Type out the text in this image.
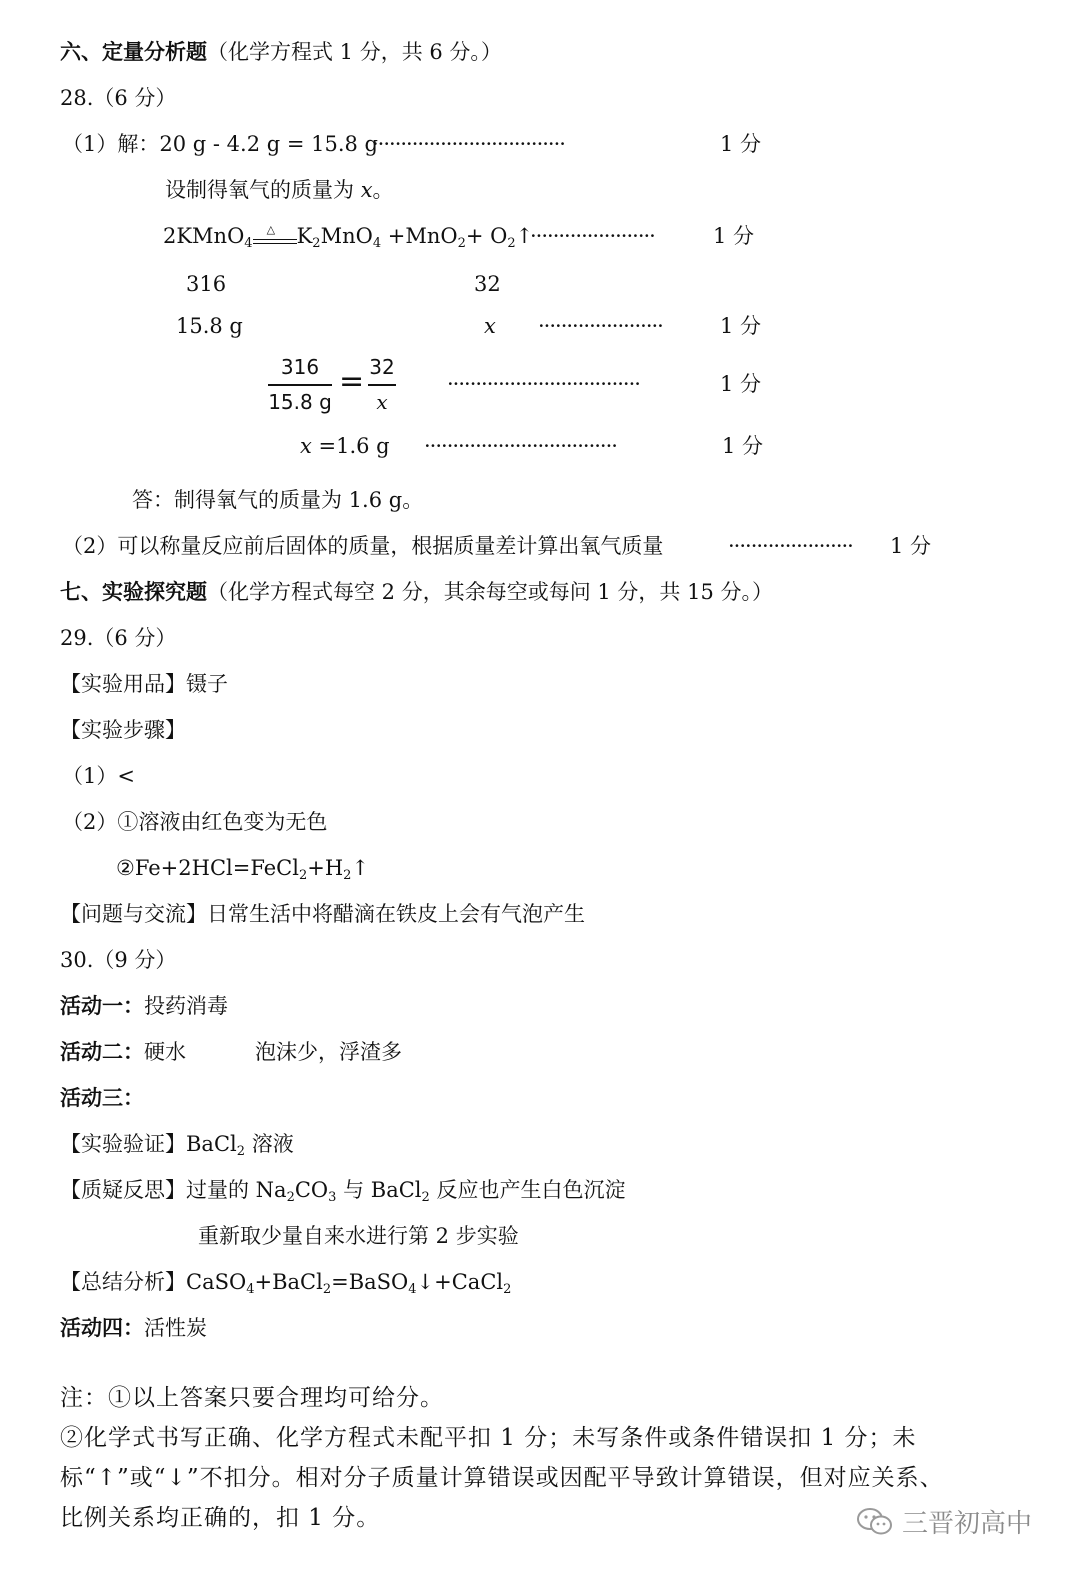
六、定量分析题（化学方程式 1 分，共 6 分。）
28.（6 分）
（1）解：20 g - 4.2 g = 15.8 g
··································	1 分
设制得氧气的质量为 x。
2KMnO$_4$
△ $K_2MnO_4 +MnO_2+$ $O_2↑$
······················	1 分
316	32
15.8 g	x ······················	1 分
316
15.8 g
= 32
x
··································	1 分
x =1.6 g ··································	1 分
答：制得氧气的质量为 1.6 g。
（2）可以称量反应前后固体的质量，根据质量差计算出氧气质量	······················ 1 分
七、实验探究题（化学方程式每空 2 分，其余每空或每问 1 分，共 15 分。）
29.（6 分）
【实验用品】镊子
【实验步骤】
（1）<
（2）①溶液由红色变为无色
$②Fe+2HCl=FeCl_2+H_2↑$
【问题与交流】日常生活中将醋滴在铁皮上会有气泡产生
30.（9 分）
活动一：投药消毒
活动二：硬水	泡沫少，浮渣多
活动三：
【实验验证】BaCl$_2$ 溶液
【质疑反思】过量的 $Na_2CO_3$ 与 BaCl$_2$ 反应也产生白色沉淀
重新取少量自来水进行第 2 步实验
【总结分析】CaSO$_4$+BaCl$_2$=BaSO$_4$↓+CaCl$_2$
活动四：活性炭
注：①以上答案只要合理均可给分。
②化学式书写正确、化学方程式未配平扣 1 分；未写条件或条件错误扣 1 分；未
标“↑”或“↓”不扣分。相对分子质量计算错误或因配平导致计算错误，但对应关系、
比例关系均正确的，扣 1 分。	三晋初高中
